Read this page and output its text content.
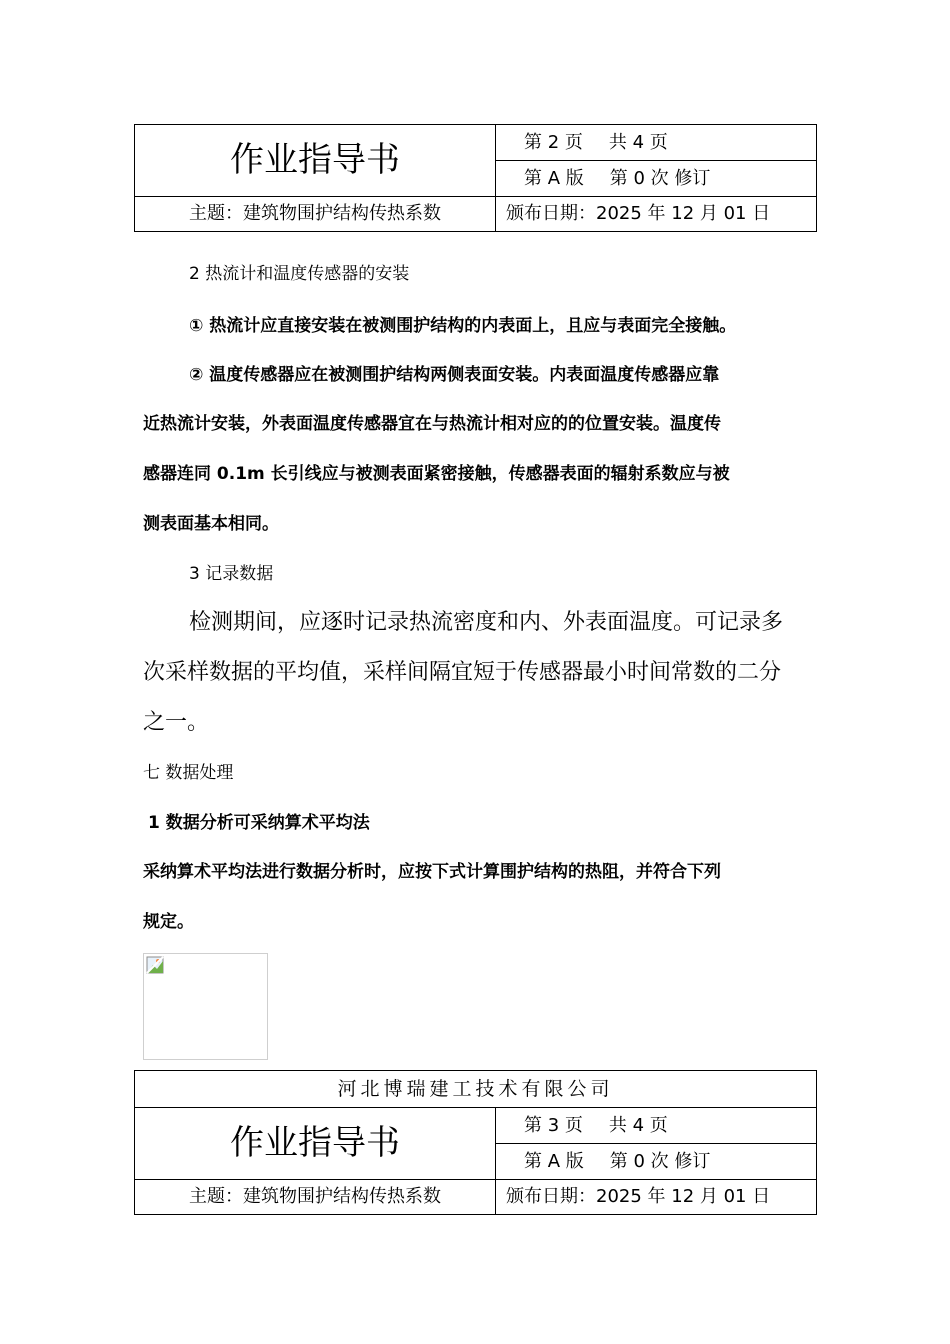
作业指导书	第 2 页 共 4 页
	第 A 版 第 0 次 修订
主题：建筑物围护结构传热系数	颁布日期：2025 年 12 月 01 日
2 热流计和温度传感器的安装
① 热流计应直接安装在被测围护结构的内表面上，且应与表面完全接触。
② 温度传感器应在被测围护结构两侧表面安装。内表面温度传感器应靠
近热流计安装，外表面温度传感器宜在与热流计相对应的的位置安装。温度传
感器连同 0.1m 长引线应与被测表面紧密接触，传感器表面的辐射系数应与被
测表面基本相同。
3 记录数据
检测期间，应逐时记录热流密度和内、外表面温度。可记录多
次采样数据的平均值，采样间隔宜短于传感器最小时间常数的二分
之一。
七 数据处理
1 数据分析可采纳算术平均法
采纳算术平均法进行数据分析时，应按下式计算围护结构的热阻，并符合下列
规定。
河北博瑞建工技术有限公司	
作业指导书	第 3 页 共 4 页
	第 A 版 第 0 次 修订
主题：建筑物围护结构传热系数	颁布日期：2025 年 12 月 01 日
